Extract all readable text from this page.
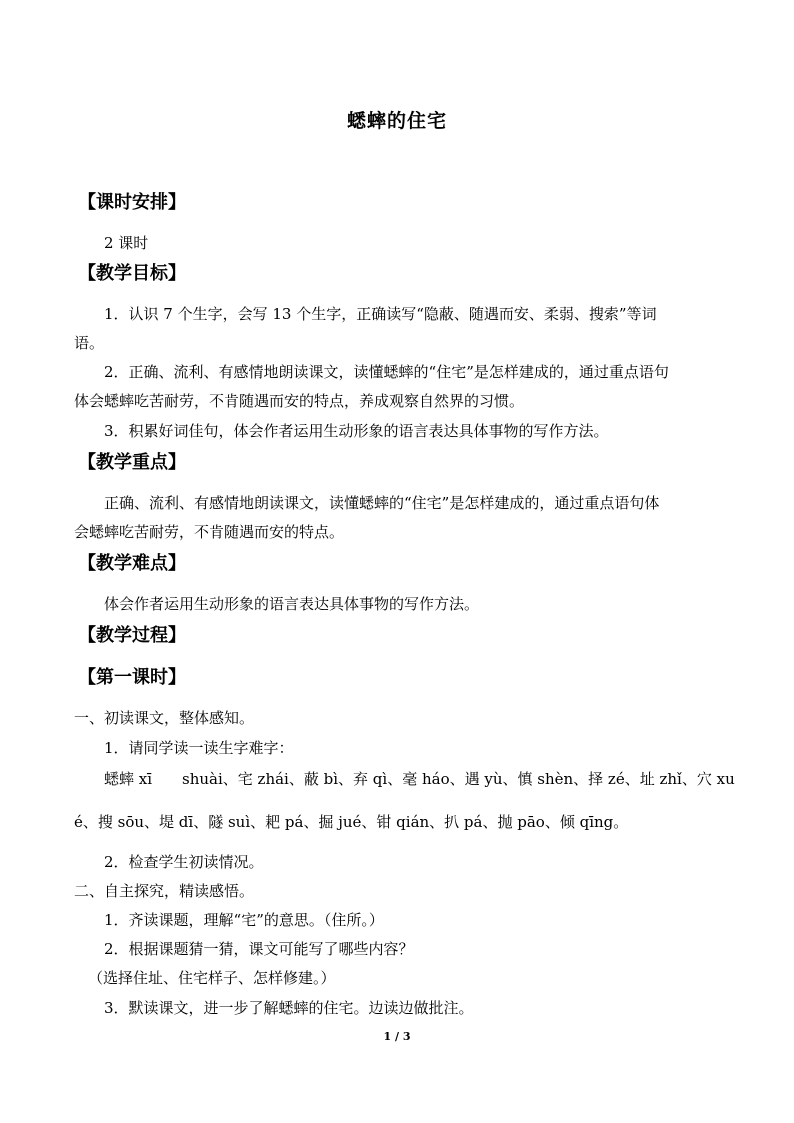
蟋蟀的住宅
【课时安排】
2 课时
【教学目标】
1．认识 7 个生字，会写 13 个生字，正确读写“隐蔽、随遇而安、柔弱、搜索”等词
语。
2．正确、流利、有感情地朗读课文，读懂蟋蟀的“住宅”是怎样建成的，通过重点语句
体会蟋蟀吃苦耐劳，不肯随遇而安的特点，养成观察自然界的习惯。
3．积累好词佳句，体会作者运用生动形象的语言表达具体事物的写作方法。
【教学重点】
正确、流利、有感情地朗读课文，读懂蟋蟀的“住宅”是怎样建成的，通过重点语句体
会蟋蟀吃苦耐劳，不肯随遇而安的特点。
【教学难点】
体会作者运用生动形象的语言表达具体事物的写作方法。
【教学过程】
【第一课时】
一、初读课文，整体感知。
1．请同学读一读生字难字：
蟋蟀 xī　　shuài、宅 zhái、蔽 bì、弃 qì、毫 háo、遇 yù、慎 shèn、择 zé、址 zhǐ、穴 xu
é、搜 sōu、堤 dī、隧 suì、耙 pá、掘 jué、钳 qián、扒 pá、抛 pāo、倾 qīng。
2．检查学生初读情况。
二、自主探究，精读感悟。
1．齐读课题，理解“宅”的意思。（住所。）
2．根据课题猜一猜，课文可能写了哪些内容？
（选择住址、住宅样子、怎样修建。）
3．默读课文，进一步了解蟋蟀的住宅。边读边做批注。
1 / 3
